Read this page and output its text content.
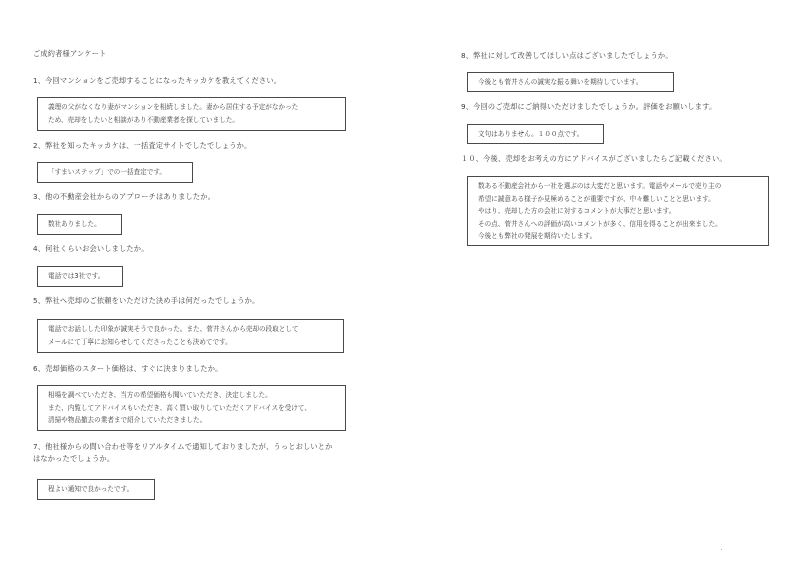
ご成約者様アンケート
1、今回マンションをご売却することになったキッカケを教えてください。
義理の父がなくなり妻がマンションを相続しました。妻から居住する予定がなかった
ため、売却をしたいと相談があり不動産業者を探していました。
2、弊社を知ったキッカケは、一括査定サイトでしたでしょうか。
「すまいステップ」での一括査定です。
3、他の不動産会社からのアプローチはありましたか。
数社ありました。
4、何社くらいお会いしましたか。
電話では3社です。
5、弊社へ売却のご依頼をいただけた決め手は何だったでしょうか。
電話でお話しした印象が誠実そうで良かった。また、菅井さんから売却の段取として
メールにて丁寧にお知らせしてくださったことも決めてです。
6、売却価格のスタート価格は、すぐに決まりましたか。
相場を調べていただき、当方の希望価格も聞いていただき、決定しました。
また、内覧してアドバイスもいただき、高く買い取りしていただくアドバイスを受けて、
清掃や物品撤去の業者まで紹介していただきました。
7、他社様からの問い合わせ等をリアルタイムで通知しておりましたが、うっとおしいとか
はなかったでしょうか。
程よい通知で良かったです。
8、弊社に対して改善してほしい点はございましたでしょうか。
今後とも菅井さんの誠実な振る舞いを期待しています。
9、今回のご売却にご納得いただけましたでしょうか。評価をお願いします。
文句はありません。１００点です。
１０、今後、売却をお考えの方にアドバイスがございましたらご記載ください。
数ある不動産会社から一社を選ぶのは大変だと思います。電話やメールで売り主の
希望に誠意ある様子か見極めることが重要ですが、中々難しいことと思います。
やはり、売却した方の会社に対するコメントが大事だと思います。
その点、菅井さんへの評価が高いコメントが多く、信用を得ることが出来ました。
今後とも弊社の発展を期待いたします。
